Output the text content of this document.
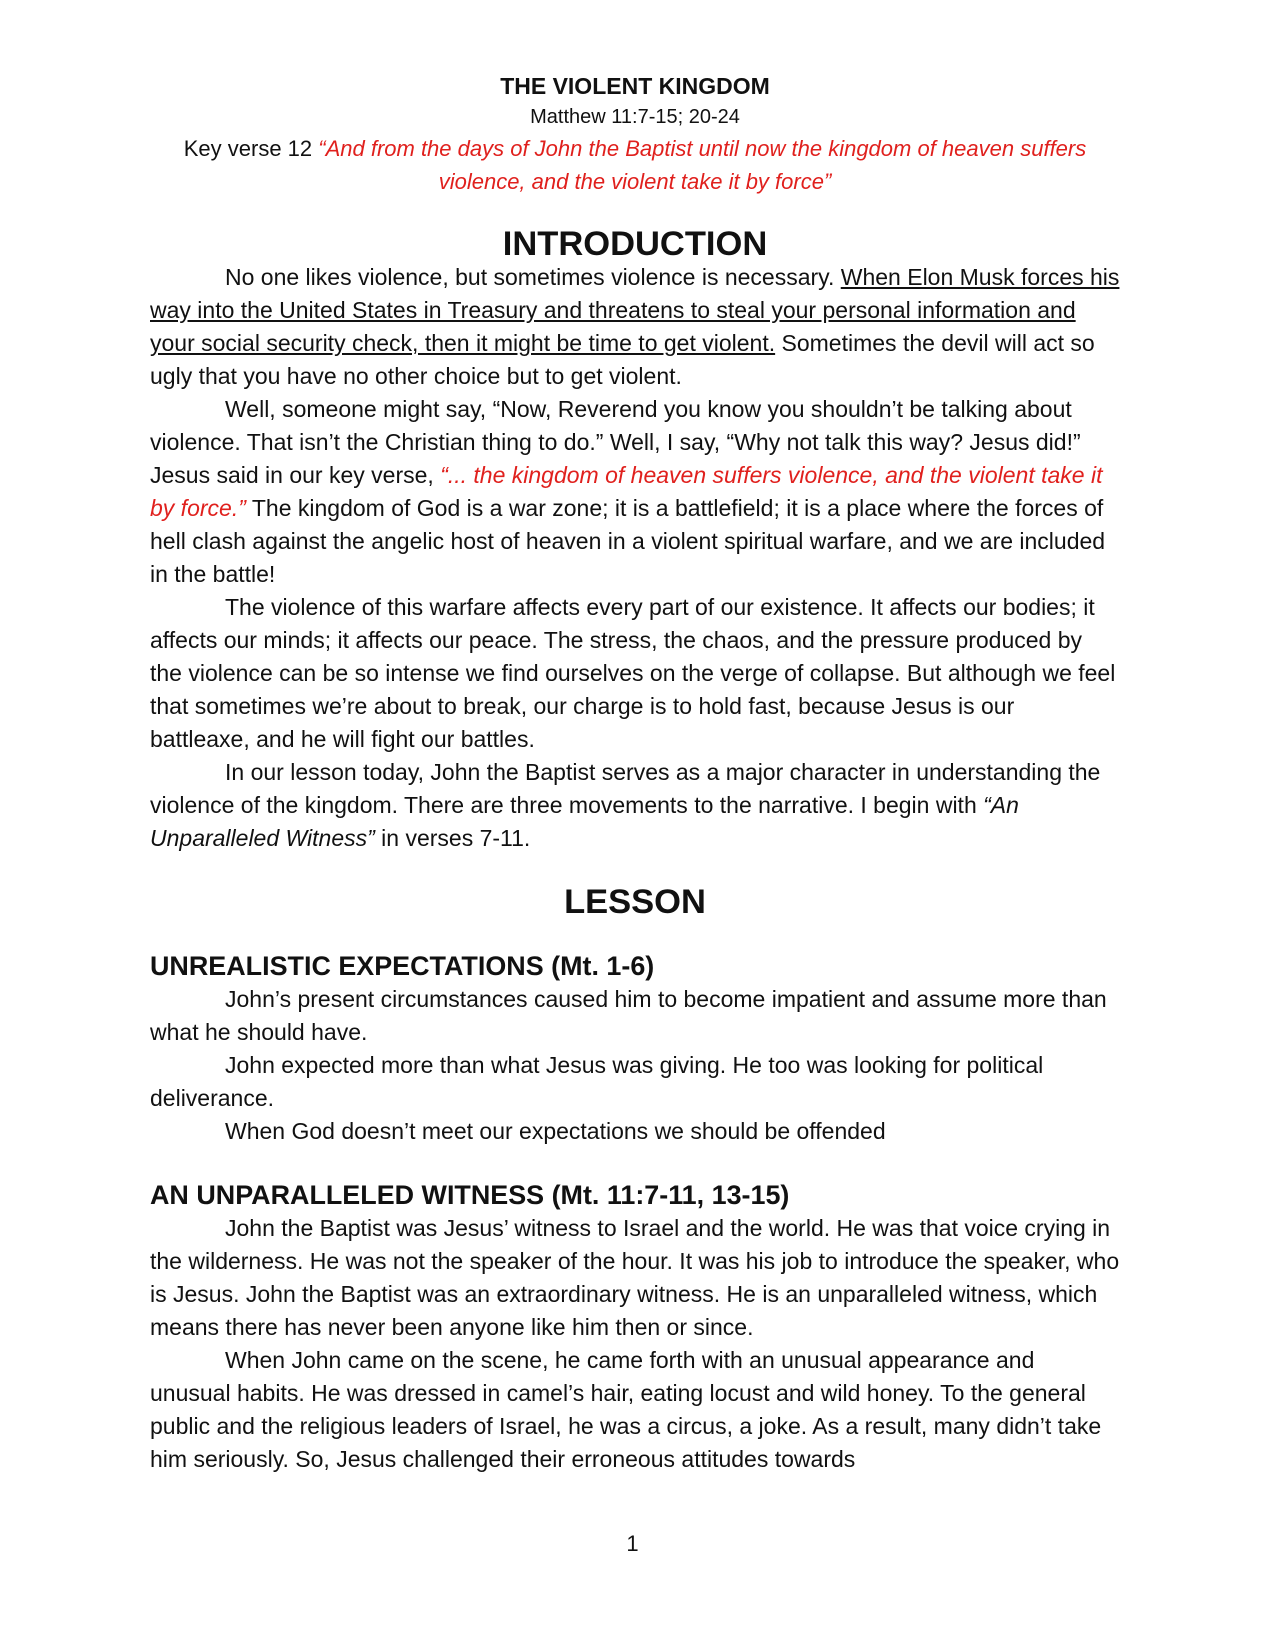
THE VIOLENT KINGDOM

Matthew 11:7-15; 20-24

Key verse 12 “And from the days of John the Baptist until now the kingdom of heaven suffers violence, and the violent take it by force”

INTRODUCTION

No one likes violence, but sometimes violence is necessary. When Elon Musk forces his way into the United States in Treasury and threatens to steal your personal information and your social security check, then it might be time to get violent. Sometimes the devil will act so ugly that you have no other choice but to get violent.

Well, someone might say, “Now, Reverend you know you shouldn’t be talking about violence. That isn’t the Christian thing to do.” Well, I say, “Why not talk this way? Jesus did!” Jesus said in our key verse, “... the kingdom of heaven suffers violence, and the violent take it by force.” The kingdom of God is a war zone; it is a battlefield; it is a place where the forces of hell clash against the angelic host of heaven in a violent spiritual warfare, and we are included in the battle!

The violence of this warfare affects every part of our existence. It affects our bodies; it affects our minds; it affects our peace. The stress, the chaos, and the pressure produced by the violence can be so intense we find ourselves on the verge of collapse. But although we feel that sometimes we’re about to break, our charge is to hold fast, because Jesus is our battleaxe, and he will fight our battles.

In our lesson today, John the Baptist serves as a major character in understanding the violence of the kingdom. There are three movements to the narrative. I begin with “An Unparalleled Witness” in verses 7-11.

LESSON
UNREALISTIC EXPECTATIONS (Mt. 1-6)

John’s present circumstances caused him to become impatient and assume more than what he should have.

John expected more than what Jesus was giving. He too was looking for political deliverance.

When God doesn’t meet our expectations we should be offended

AN UNPARALLELED WITNESS (Mt. 11:7-11, 13-15)

John the Baptist was Jesus’ witness to Israel and the world. He was that voice crying in the wilderness. He was not the speaker of the hour. It was his job to introduce the speaker, who is Jesus. John the Baptist was an extraordinary witness. He is an unparalleled witness, which means there has never been anyone like him then or since.

When John came on the scene, he came forth with an unusual appearance and unusual habits. He was dressed in camel’s hair, eating locust and wild honey. To the general public and the religious leaders of Israel, he was a circus, a joke. As a result, many didn’t take him seriously. So, Jesus challenged their erroneous attitudes towards

1
